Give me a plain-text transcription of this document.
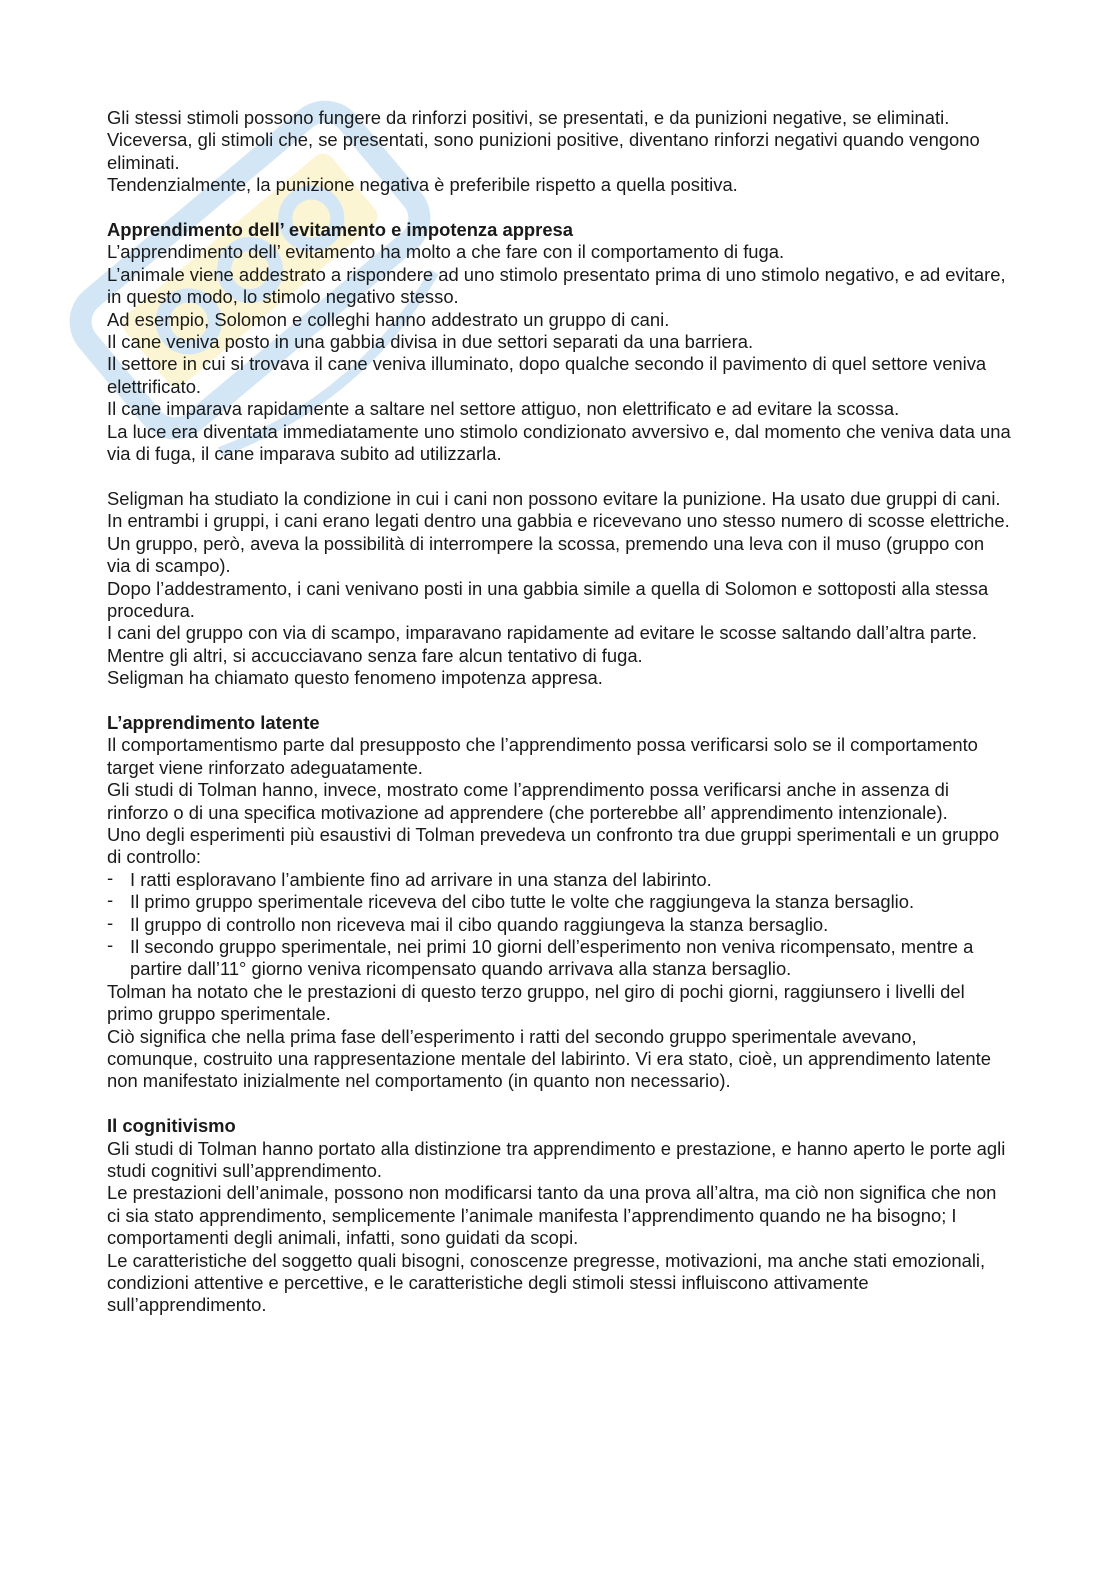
Gli stessi stimoli possono fungere da rinforzi positivi, se presentati, e da punizioni negative, se eliminati. Viceversa, gli stimoli che, se presentati, sono punizioni positive, diventano rinforzi negativi quando vengono eliminati.

Tendenzialmente, la punizione negativa è preferibile rispetto a quella positiva.

Apprendimento dell’ evitamento e impotenza appresa

L’apprendimento dell’ evitamento ha molto a che fare con il comportamento di fuga.

L’animale viene addestrato a rispondere ad uno stimolo presentato prima di uno stimolo negativo, e ad evitare, in questo modo, lo stimolo negativo stesso.

Ad esempio, Solomon e colleghi hanno addestrato un gruppo di cani.

Il cane veniva posto in una gabbia divisa in due settori separati da una barriera.

Il settore in cui si trovava il cane veniva illuminato, dopo qualche secondo il pavimento di quel settore veniva elettrificato.

Il cane imparava rapidamente a saltare nel settore attiguo, non elettrificato e ad evitare la scossa.

La luce era diventata immediatamente uno stimolo condizionato avversivo e, dal momento che veniva data una via di fuga, il cane imparava subito ad utilizzarla.

Seligman ha studiato la condizione in cui i cani non possono evitare la punizione. Ha usato due gruppi di cani.

In entrambi i gruppi, i cani erano legati dentro una gabbia e ricevevano uno stesso numero di scosse elettriche.

Un gruppo, però, aveva la possibilità di interrompere la scossa, premendo una leva con il muso (gruppo con via di scampo).

Dopo l’addestramento, i cani venivano posti in una gabbia simile a quella di Solomon e sottoposti alla stessa procedura.

I cani del gruppo con via di scampo, imparavano rapidamente ad evitare le scosse saltando dall’altra parte.

Mentre gli altri, si accucciavano senza fare alcun tentativo di fuga.

Seligman ha chiamato questo fenomeno impotenza appresa.

L’apprendimento latente

Il comportamentismo parte dal presupposto che l’apprendimento possa verificarsi solo se il comportamento target viene rinforzato adeguatamente.

Gli studi di Tolman hanno, invece, mostrato come l’apprendimento possa verificarsi anche in assenza di rinforzo o di una specifica motivazione ad apprendere (che porterebbe all’ apprendimento intenzionale).

Uno degli esperimenti più esaustivi di Tolman prevedeva un confronto tra due gruppi sperimentali e un gruppo di controllo:

- I ratti esploravano l’ambiente fino ad arrivare in una stanza del labirinto.
- Il primo gruppo sperimentale riceveva del cibo tutte le volte che raggiungeva la stanza bersaglio.
- Il gruppo di controllo non riceveva mai il cibo quando raggiungeva la stanza bersaglio.
- Il secondo gruppo sperimentale, nei primi 10 giorni dell’esperimento non veniva ricompensato, mentre a partire dall’11° giorno veniva ricompensato quando arrivava alla stanza bersaglio.

Tolman ha notato che le prestazioni di questo terzo gruppo, nel giro di pochi giorni, raggiunsero i livelli del primo gruppo sperimentale.

Ciò significa che nella prima fase dell’esperimento i ratti del secondo gruppo sperimentale avevano, comunque, costruito una rappresentazione mentale del labirinto. Vi era stato, cioè, un apprendimento latente non manifestato inizialmente nel comportamento (in quanto non necessario).

Il cognitivismo

Gli studi di Tolman hanno portato alla distinzione tra apprendimento e prestazione, e hanno aperto le porte agli studi cognitivi sull’apprendimento.

Le prestazioni dell’animale, possono non modificarsi tanto da una prova all’altra, ma ciò non significa che non ci sia stato apprendimento, semplicemente l’animale manifesta l’apprendimento quando ne ha bisogno; I comportamenti degli animali, infatti, sono guidati da scopi.

Le caratteristiche del soggetto quali bisogni, conoscenze pregresse, motivazioni, ma anche stati emozionali, condizioni attentive e percettive, e le caratteristiche degli stimoli stessi influiscono attivamente sull’apprendimento.
